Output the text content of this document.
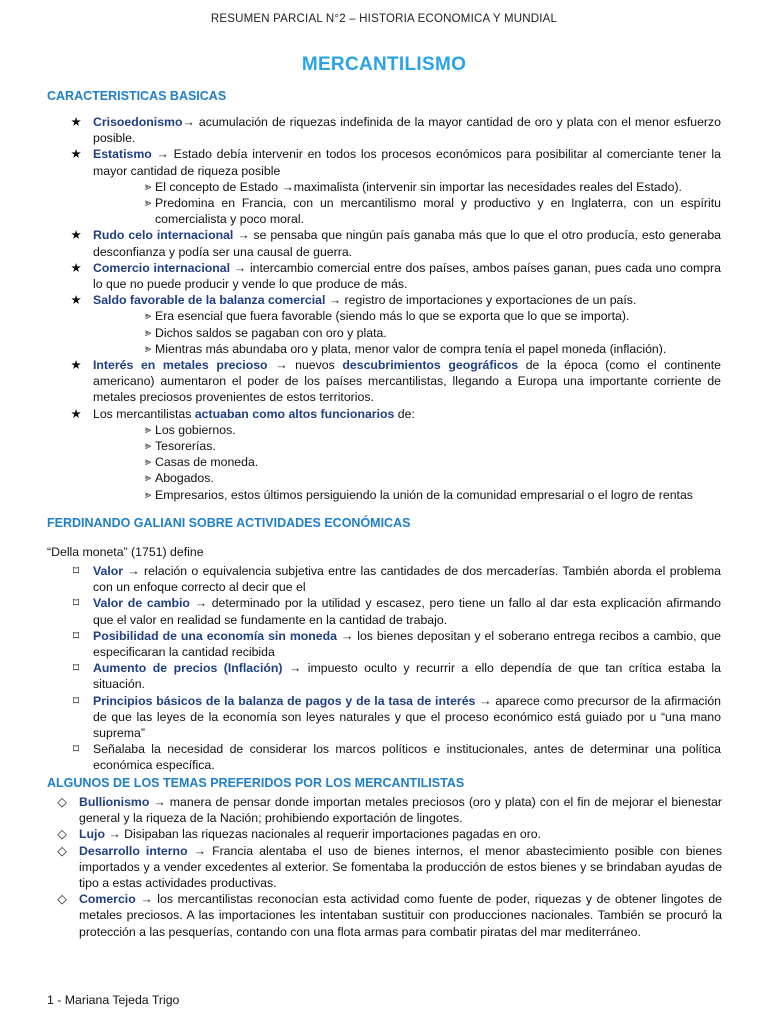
RESUMEN PARCIAL N°2 – HISTORIA ECONOMICA Y MUNDIAL
MERCANTILISMO
CARACTERISTICAS BASICAS
★ Crisoedonismo→ acumulación de riquezas indefinida de la mayor cantidad de oro y plata con el menor esfuerzo posible.
★ Estatismo → Estado debía intervenir en todos los procesos económicos para posibilitar al comerciante tener la mayor cantidad de riqueza posible
⪢ El concepto de Estado →maximalista (intervenir sin importar las necesidades reales del Estado).
⪢ Predomina en Francia, con un mercantilismo moral y productivo y en Inglaterra, con un espíritu comercialista y poco moral.
★ Rudo celo internacional → se pensaba que ningún país ganaba más que lo que el otro producía, esto generaba desconfianza y podía ser una causal de guerra.
★ Comercio internacional → intercambio comercial entre dos países, ambos países ganan, pues cada uno compra lo que no puede producir y vende lo que produce de más.
★ Saldo favorable de la balanza comercial → registro de importaciones y exportaciones de un país.
⪢ Era esencial que fuera favorable (siendo más lo que se exporta que lo que se importa).
⪢ Dichos saldos se pagaban con oro y plata.
⪢ Mientras más abundaba oro y plata, menor valor de compra tenía el papel moneda (inflación).
★ Interés en metales precioso → nuevos descubrimientos geográficos de la época (como el continente americano) aumentaron el poder de los países mercantilistas, llegando a Europa una importante corriente de metales preciosos provenientes de estos territorios.
★ Los mercantilistas actuaban como altos funcionarios de:
⪢ Los gobiernos.
⪢ Tesorerías.
⪢ Casas de moneda.
⪢ Abogados.
⪢ Empresarios, estos últimos persiguiendo la unión de la comunidad empresarial o el logro de rentas
FERDINANDO GALIANI SOBRE ACTIVIDADES ECONÓMICAS
“Della moneta” (1751) define
⌑	Valor → relación o equivalencia subjetiva entre las cantidades de dos mercaderías. También aborda el problema con un enfoque correcto al decir que el
⌑	Valor de cambio → determinado por la utilidad y escasez, pero tiene un fallo al dar esta explicación afirmando que el valor en realidad se fundamente en la cantidad de trabajo.
⌑	Posibilidad de una economía sin moneda → los bienes depositan y el soberano entrega recibos a cambio, que especificaran la cantidad recibida
⌑	Aumento de precios (Inflación) → impuesto oculto y recurrir a ello dependía de que tan crítica estaba la situación.
⌑	Principios básicos de la balanza de pagos y de la tasa de interés → aparece como precursor de la afirmación de que las leyes de la economía son leyes naturales y que el proceso económico está guiado por u “una mano suprema”
⌑	Señalaba la necesidad de considerar los marcos políticos e institucionales, antes de determinar una política económica específica.
ALGUNOS DE LOS TEMAS PREFERIDOS POR LOS MERCANTILISTAS
◇ Bullionismo → manera de pensar donde importan metales preciosos (oro y plata) con el fin de mejorar el bienestar general y la riqueza de la Nación; prohibiendo exportación de lingotes.
◇ Lujo → Disipaban las riquezas nacionales al requerir importaciones pagadas en oro.
◇ Desarrollo interno → Francia alentaba el uso de bienes internos, el menor abastecimiento posible con bienes importados y a vender excedentes al exterior. Se fomentaba la producción de estos bienes y se brindaban ayudas de tipo a estas actividades productivas.
◇ Comercio → los mercantilistas reconocían esta actividad como fuente de poder, riquezas y de obtener lingotes de metales preciosos. A las importaciones les intentaban sustituir con producciones nacionales. También se procuró la protección a las pesquerías, contando con una flota armas para combatir piratas del mar mediterráneo.
1 - Mariana Tejeda Trigo
